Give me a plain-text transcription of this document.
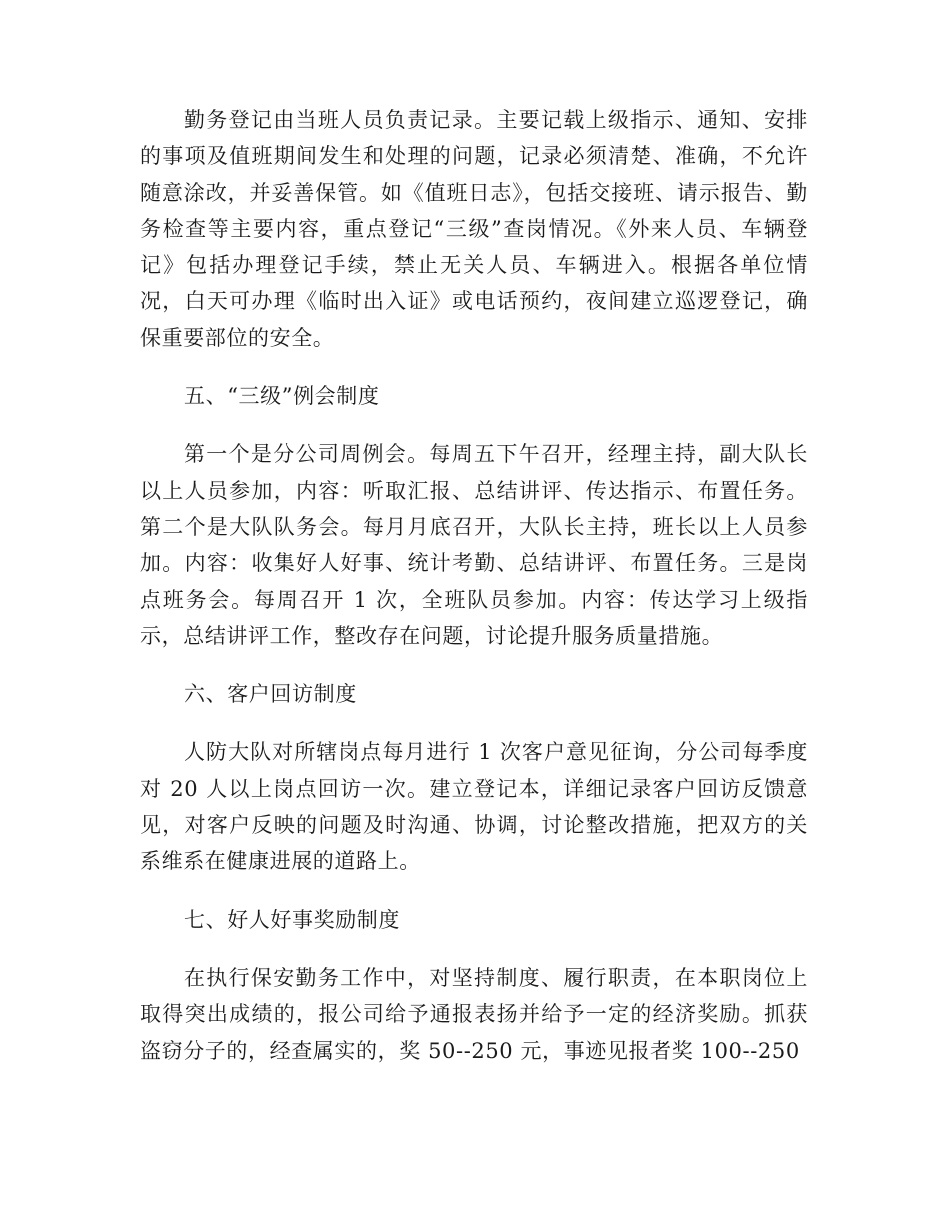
勤务登记由当班人员负责记录。主要记载上级指示、通知、安排的事项及值班期间发生和处理的问题，记录必须清楚、准确，不允许随意涂改，并妥善保管。如《值班日志》，包括交接班、请示报告、勤务检查等主要内容，重点登记“三级”查岗情况。《外来人员、车辆登记》包括办理登记手续，禁止无关人员、车辆进入。根据各单位情况，白天可办理《临时出入证》或电话预约，夜间建立巡逻登记，确保重要部位的安全。

五、“三级”例会制度

第一个是分公司周例会。每周五下午召开，经理主持，副大队长以上人员参加，内容：听取汇报、总结讲评、传达指示、布置任务。第二个是大队队务会。每月月底召开，大队长主持，班长以上人员参加。内容：收集好人好事、统计考勤、总结讲评、布置任务。三是岗点班务会。每周召开 1 次，全班队员参加。内容：传达学习上级指示，总结讲评工作，整改存在问题，讨论提升服务质量措施。

六、客户回访制度

人防大队对所辖岗点每月进行 1 次客户意见征询，分公司每季度对 20 人以上岗点回访一次。建立登记本，详细记录客户回访反馈意见，对客户反映的问题及时沟通、协调，讨论整改措施，把双方的关系维系在健康进展的道路上。

七、好人好事奖励制度

在执行保安勤务工作中，对坚持制度、履行职责，在本职岗位上取得突出成绩的，报公司给予通报表扬并给予一定的经济奖励。抓获盗窃分子的，经查属实的，奖 50--250 元，事迹见报者奖 100--250
